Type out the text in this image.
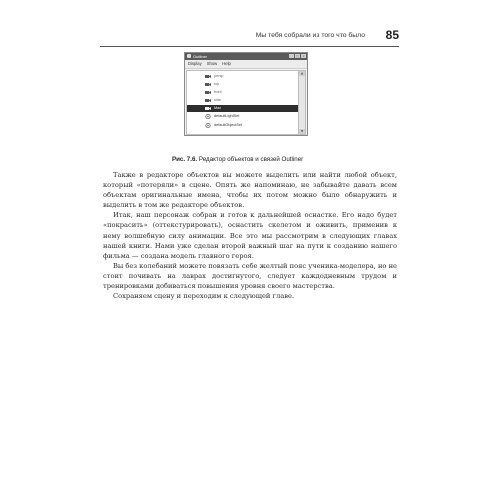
Мы тебя собрали из того что было 85
Outliner	_	□	×
Display Show Help
persp
top
front
side
Max
defaultLightSet
defaultObjectSet
▲
▼
Рис. 7.6. Редактор объектов и связей Outliner

Также в редакторе объектов вы можете выделить или найти любой объект, который «потеряли» в сцене. Опять же напоминаю, не забывайте давать всем объектам оригинальные имена, чтобы их потом можно было обнаружить и выделить в том же редакторе объектов.

Итак, наш персонаж собран и готов к дальнейшей оснастке. Его надо будет «покрасить» (оттекстурировать), оснастить скелетом и оживить, применив к нему волшебную силу анимации. Все это мы рассмотрим в следующих главах нашей книги. Нами уже сделан второй важный шаг на пути к созданию нашего фильма — создана модель главного героя.

Вы без колебаний можете повязать себе желтый пояс ученика-моделера, но не стоит почивать на лаврах достигнутого, следует каждодневным трудом и тренировками добиваться повышения уровня своего мастерства.

Сохраняем сцену и переходим к следующей главе.
